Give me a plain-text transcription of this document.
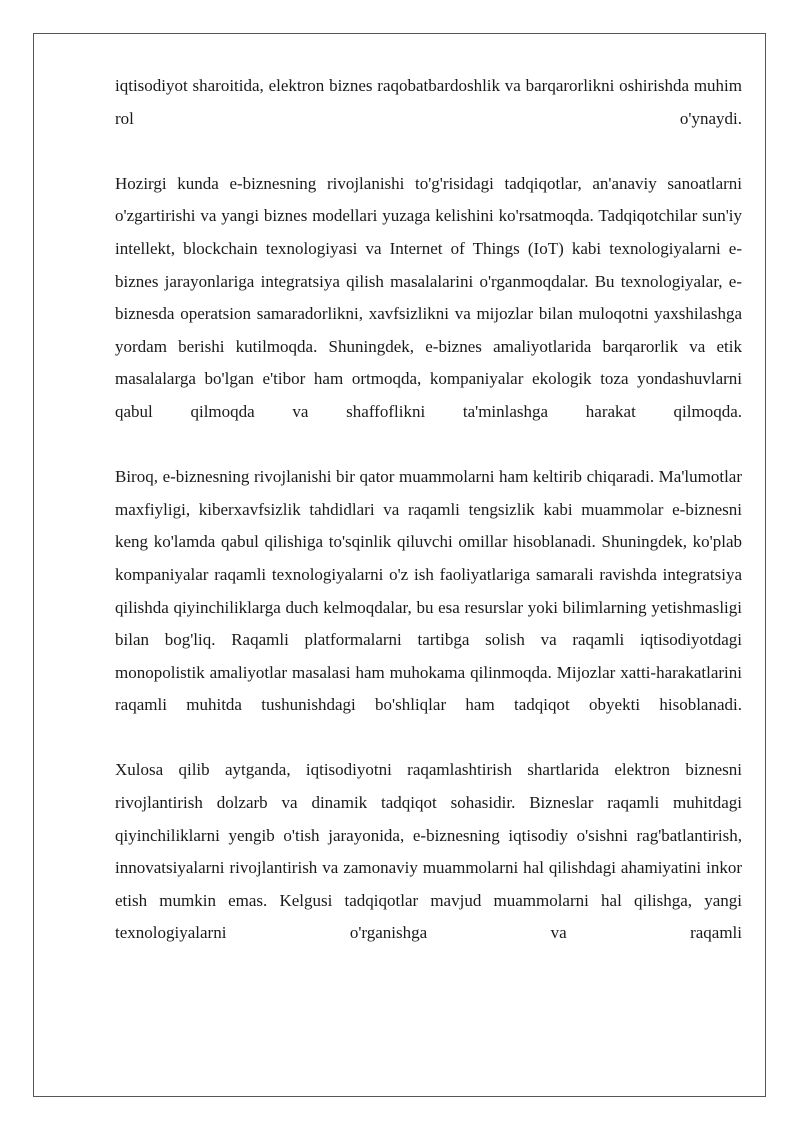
iqtisodiyot sharoitida, elektron biznes raqobatbardoshlik va barqarorlikni oshirishda muhim rol o'ynaydi.

Hozirgi kunda e-biznesning rivojlanishi to'g'risidagi tadqiqotlar, an'anaviy sanoatlarni o'zgartirishi va yangi biznes modellari yuzaga kelishini ko'rsatmoqda. Tadqiqotchilar sun'iy intellekt, blockchain texnologiyasi va Internet of Things (IoT) kabi texnologiyalarni e-biznes jarayonlariga integratsiya qilish masalalarini o'rganmoqdalar. Bu texnologiyalar, e-biznesda operatsion samaradorlikni, xavfsizlikni va mijozlar bilan muloqotni yaxshilashga yordam berishi kutilmoqda. Shuningdek, e-biznes amaliyotlarida barqarorlik va etik masalalarga bo'lgan e'tibor ham ortmoqda, kompaniyalar ekologik toza yondashuvlarni qabul qilmoqda va shaffoflikni ta'minlashga harakat qilmoqda.

Biroq, e-biznesning rivojlanishi bir qator muammolarni ham keltirib chiqaradi. Ma'lumotlar maxfiyligi, kiberxavfsizlik tahdidlari va raqamli tengsizlik kabi muammolar e-biznesni keng ko'lamda qabul qilishiga to'sqinlik qiluvchi omillar hisoblanadi. Shuningdek, ko'plab kompaniyalar raqamli texnologiyalarni o'z ish faoliyatlariga samarali ravishda integratsiya qilishda qiyinchiliklarga duch kelmoqdalar, bu esa resurslar yoki bilimlarning yetishmasligi bilan bog'liq. Raqamli platformalarni tartibga solish va raqamli iqtisodiyotdagi monopolistik amaliyotlar masalasi ham muhokama qilinmoqda. Mijozlar xatti-harakatlarini raqamli muhitda tushunishdagi bo'shliqlar ham tadqiqot obyekti hisoblanadi.

Xulosa qilib aytganda, iqtisodiyotni raqamlashtirish shartlarida elektron biznesni rivojlantirish dolzarb va dinamik tadqiqot sohasidir. Bizneslar raqamli muhitdagi qiyinchiliklarni yengib o'tish jarayonida, e-biznesning iqtisodiy o'sishni rag'batlantirish, innovatsiyalarni rivojlantirish va zamonaviy muammolarni hal qilishdagi ahamiyatini inkor etish mumkin emas. Kelgusi tadqiqotlar mavjud muammolarni hal qilishga, yangi texnologiyalarni o'rganishga va raqamli
